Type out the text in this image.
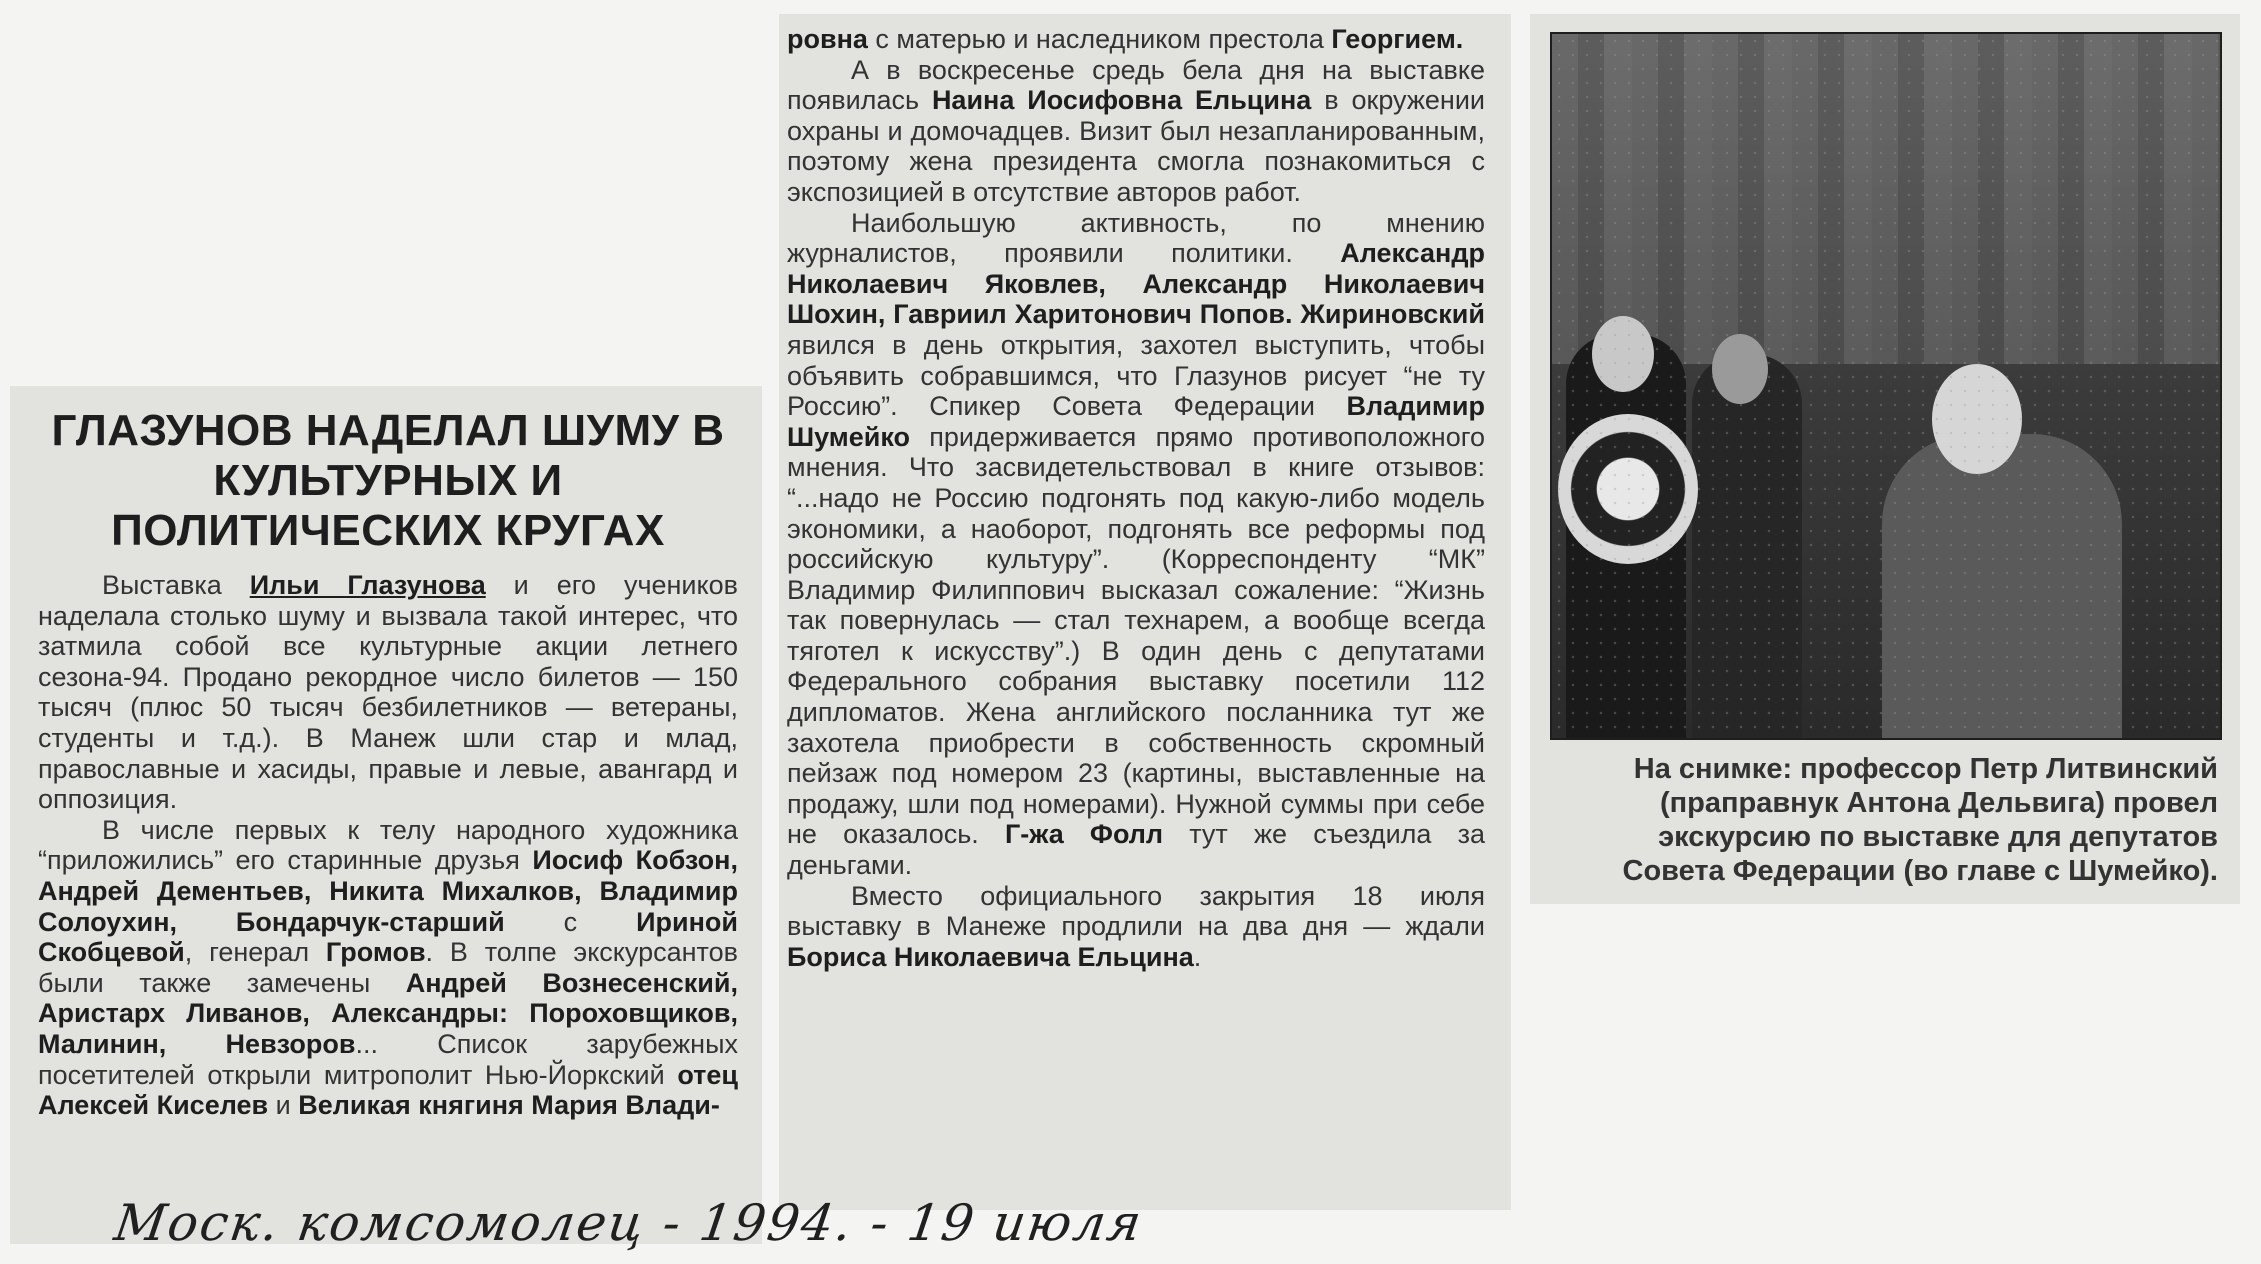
ГЛАЗУНОВ НАДЕЛАЛ ШУМУ В КУЛЬТУРНЫХ И ПОЛИТИЧЕСКИХ КРУГАХ

Выставка Ильи Глазунова и его учеников наделала столько шуму и вызвала такой интерес, что затмила собой все культурные акции летнего сезона-94. Продано рекордное число билетов — 150 тысяч (плюс 50 тысяч безбилетников — ветераны, студенты и т.д.). В Манеж шли стар и млад, православные и хасиды, правые и левые, авангард и оппозиция.

В числе первых к телу народного художника “приложились” его старинные друзья Иосиф Кобзон, Андрей Дементьев, Никита Михалков, Владимир Солоухин, Бондарчук-старший с Ириной Скобцевой, генерал Громов. В толпе экскурсантов были также замечены Андрей Вознесенский, Аристарх Ливанов, Александры: Пороховщиков, Малинин, Невзоров... Список зарубежных посетителей открыли митрополит Нью-Йоркский отец Алексей Киселев и Великая княгиня Мария Влади-

ровна с матерью и наследником престола Георгием.

А в воскресенье средь бела дня на выставке появилась Наина Иосифовна Ельцина в окружении охраны и домочадцев. Визит был незапланированным, поэтому жена президента смогла познакомиться с экспозицией в отсутствие авторов работ.

Наибольшую активность, по мнению журналистов, проявили политики. Александр Николаевич Яковлев, Александр Николаевич Шохин, Гавриил Харитонович Попов. Жириновский явился в день открытия, захотел выступить, чтобы объявить собравшимся, что Глазунов рисует “не ту Россию”. Спикер Совета Федерации Владимир Шумейко придерживается прямо противоположного мнения. Что засвидетельствовал в книге отзывов: “...надо не Россию подгонять под какую-либо модель экономики, а наоборот, подгонять все реформы под российскую культуру”. (Корреспонденту “МК” Владимир Филиппович высказал сожаление: “Жизнь так повернулась — стал технарем, а вообще всегда тяготел к искусству”.) В один день с депутатами Федерального собрания выставку посетили 112 дипломатов. Жена английского посланника тут же захотела приобрести в собственность скромный пейзаж под номером 23 (картины, выставленные на продажу, шли под номерами). Нужной суммы при себе не оказалось. Г-жа Фолл тут же съездила за деньгами.

Вместо официального закрытия 18 июля выставку в Манеже продлили на два дня — ждали Бориса Николаевича Ельцина.

На снимке: профессор Петр Литвинский (праправнук Антона Дельвига) провел экскурсию по выставке для депутатов Совета Федерации (во главе с Шумейко).

Моск. комсомолец - 1994. - 19 июля
